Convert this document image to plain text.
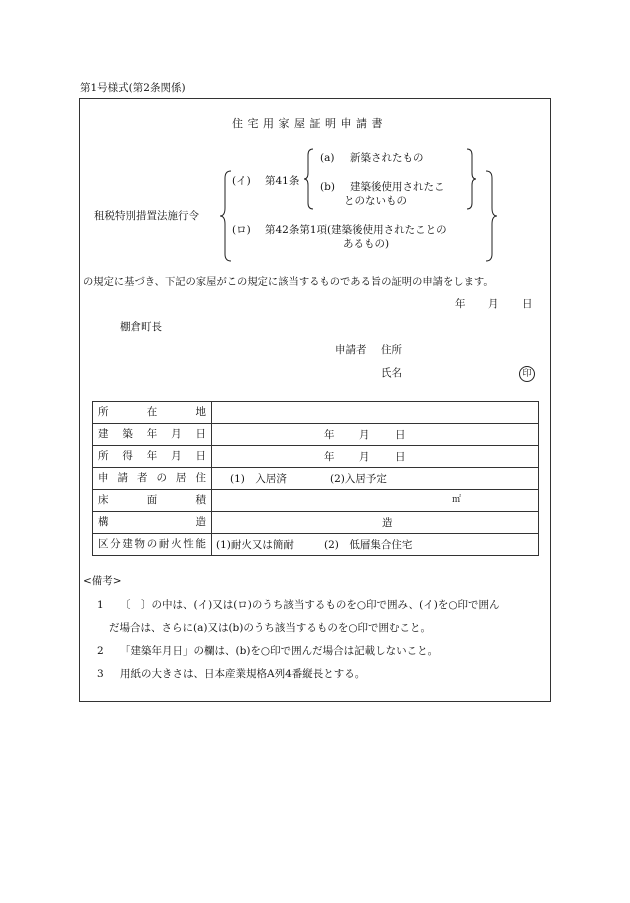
第1号様式(第2条関係)
住宅用家屋証明申請書
租税特別措置法施行令
(イ) 第41条
(a) 新築されたもの
(b) 建築後使用されたこ
とのないもの
(ロ) 第42条第1項(建築後使用されたことの
あるもの)
の規定に基づき、下記の家屋がこの規定に該当するものである旨の証明の申請をします。
年 月 日
棚倉町長
申請者 住所
氏名	印
所在地	

建築年月日	年 月 日

所得年月日	年 月 日

申請者の居住	(1)　入居済 (2)入居予定

床面積	㎡

構造	造

区分建物の耐火性能	(1)耐火又は簡耐 (2)　低層集合住宅
<備考>
1 〔　〕の中は、(イ)又は(ロ)のうち該当するものを○印で囲み、(イ)を○印で囲ん
だ場合は、さらに(a)又は(b)のうち該当するものを○印で囲むこと。
2 「建築年月日」の欄は、(b)を○印で囲んだ場合は記載しないこと。
3 用紙の大きさは、日本産業規格A列4番縦長とする。
